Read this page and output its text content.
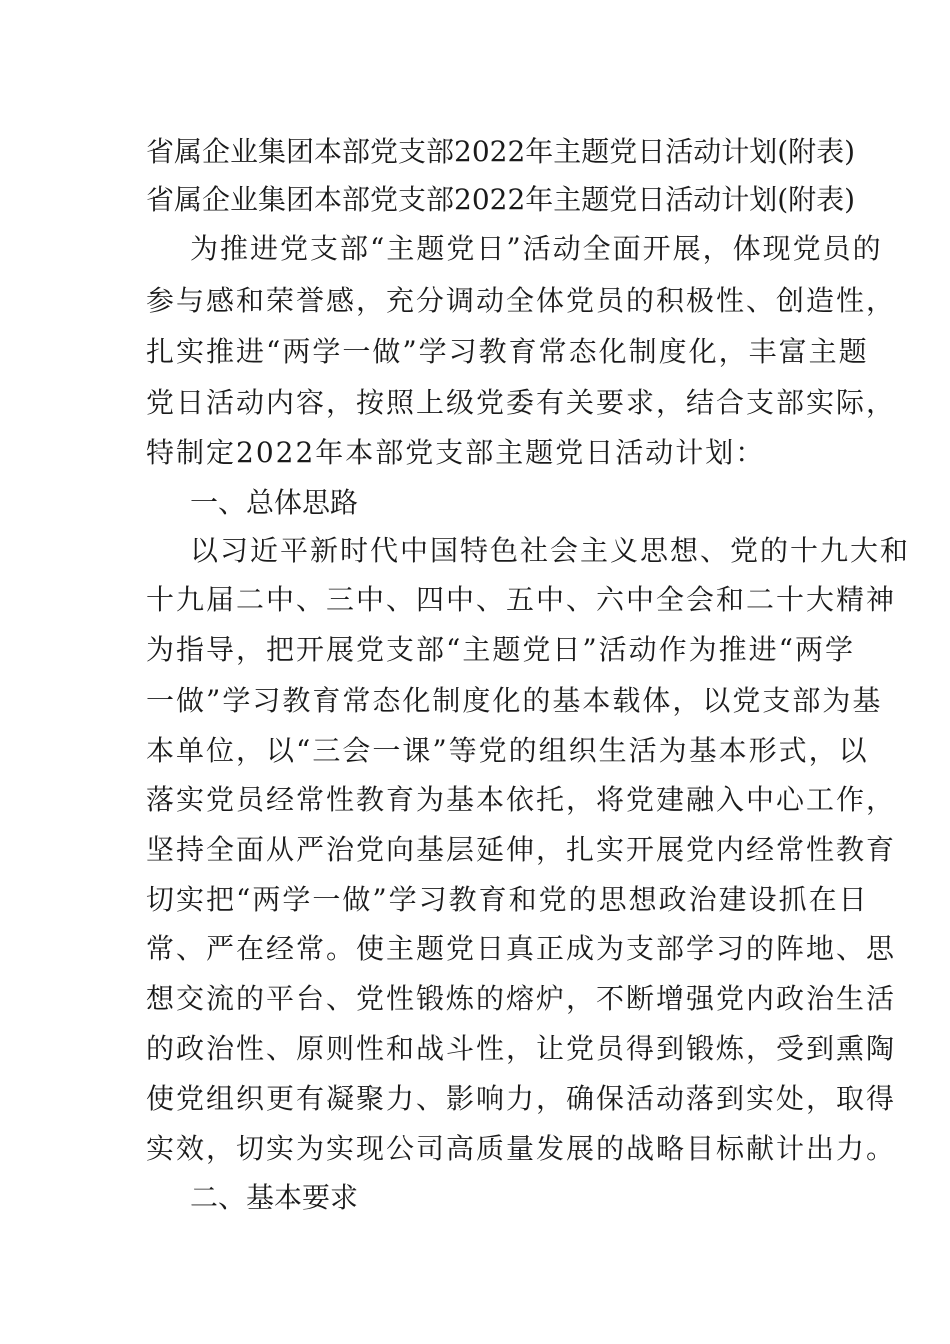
省属企业集团本部党支部2022年主题党日活动计划(附表)
省属企业集团本部党支部2022年主题党日活动计划(附表)
为推进党支部“主题党日”活动全面开展，体现党员的
参与感和荣誉感，充分调动全体党员的积极性、创造性，
扎实推进“两学一做”学习教育常态化制度化，丰富主题
党日活动内容，按照上级党委有关要求，结合支部实际，
特制定2022年本部党支部主题党日活动计划：
一、总体思路
以习近平新时代中国特色社会主义思想、党的十九大和
十九届二中、三中、四中、五中、六中全会和二十大精神
为指导，把开展党支部“主题党日”活动作为推进“两学
一做”学习教育常态化制度化的基本载体，以党支部为基
本单位，以“三会一课”等党的组织生活为基本形式，以
落实党员经常性教育为基本依托，将党建融入中心工作，
坚持全面从严治党向基层延伸，扎实开展党内经常性教育
切实把“两学一做”学习教育和党的思想政治建设抓在日
常、严在经常。使主题党日真正成为支部学习的阵地、思
想交流的平台、党性锻炼的熔炉，不断增强党内政治生活
的政治性、原则性和战斗性，让党员得到锻炼，受到熏陶
使党组织更有凝聚力、影响力，确保活动落到实处，取得
实效，切实为实现公司高质量发展的战略目标献计出力。
二、基本要求
